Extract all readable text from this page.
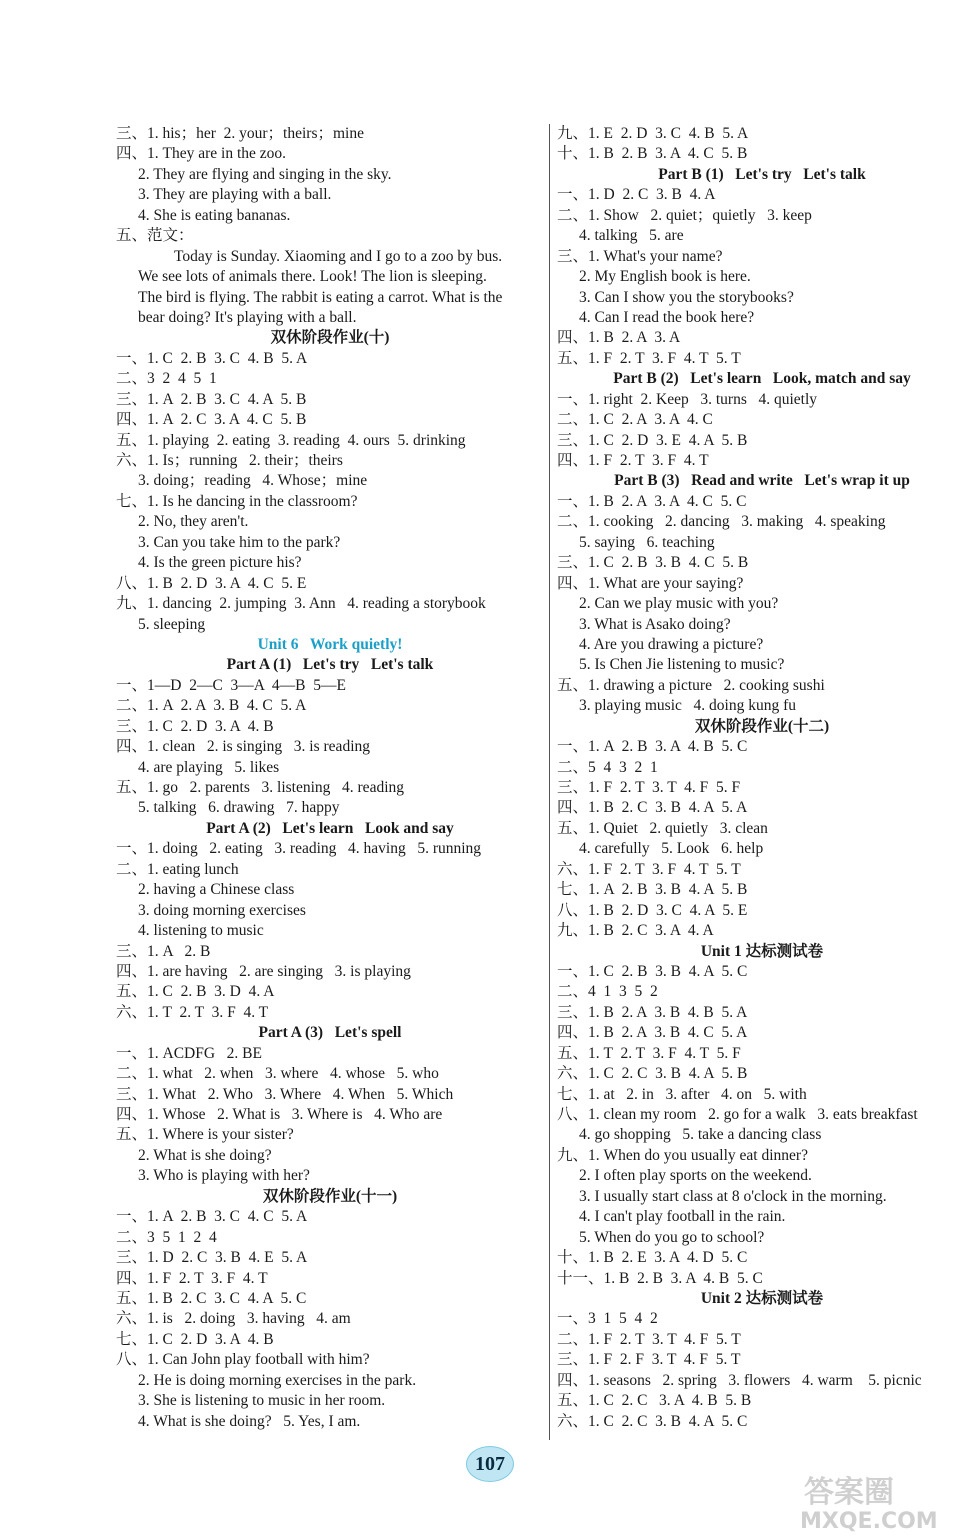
三、1. his；her  2. your；theirs；mine
四、1. They are in the zoo.
2. They are flying and singing in the sky.
3. They are playing with a ball.
4. She is eating bananas.
五、范文：
Today is Sunday. Xiaoming and I go to a zoo by bus.
We see lots of animals there. Look! The lion is sleeping.
The bird is flying. The rabbit is eating a carrot. What is the
bear doing? It's playing with a ball.
双休阶段作业(十)
一、1. C  2. B  3. C  4. B  5. A
二、3  2  4  5  1
三、1. A  2. B  3. C  4. A  5. B
四、1. A  2. C  3. A  4. C  5. B
五、1. playing  2. eating  3. reading  4. ours  5. drinking
六、1. Is；running   2. their；theirs
3. doing；reading   4. Whose；mine
七、1. Is he dancing in the classroom?
2. No, they aren't.
3. Can you take him to the park?
4. Is the green picture his?
八、1. B  2. D  3. A  4. C  5. E
九、1. dancing  2. jumping  3. Ann   4. reading a storybook
5. sleeping
Unit 6   Work quietly!
Part A (1)   Let's try   Let's talk
一、1—D  2—C  3—A  4—B  5—E
二、1. A  2. A  3. B  4. C  5. A
三、1. C  2. D  3. A  4. B
四、1. clean   2. is singing   3. is reading
4. are playing   5. likes
五、1. go   2. parents   3. listening   4. reading
5. talking   6. drawing   7. happy
Part A (2)   Let's learn   Look and say
一、1. doing   2. eating   3. reading   4. having   5. running
二、1. eating lunch
2. having a Chinese class
3. doing morning exercises
4. listening to music
三、1. A   2. B
四、1. are having   2. are singing   3. is playing
五、1. C  2. B  3. D  4. A
六、1. T  2. T  3. F  4. T
Part A (3)   Let's spell
一、1. ACDFG   2. BE
二、1. what   2. when   3. where   4. whose   5. who
三、1. What   2. Who   3. Where   4. When   5. Which
四、1. Whose   2. What is   3. Where is   4. Who are
五、1. Where is your sister?
2. What is she doing?
3. Who is playing with her?
双休阶段作业(十一)
一、1. A  2. B  3. C  4. C  5. A
二、3  5  1  2  4
三、1. D  2. C  3. B  4. E  5. A
四、1. F  2. T  3. F  4. T
五、1. B  2. C  3. C  4. A  5. C
六、1. is   2. doing   3. having   4. am
七、1. C  2. D  3. A  4. B
八、1. Can John play football with him?
2. He is doing morning exercises in the park.
3. She is listening to music in her room.
4. What is she doing?   5. Yes, I am.
九、1. E  2. D  3. C  4. B  5. A
十、1. B  2. B  3. A  4. C  5. B
Part B (1)   Let's try   Let's talk
一、1. D  2. C  3. B  4. A
二、1. Show   2. quiet；quietly   3. keep
4. talking   5. are
三、1. What's your name?
2. My English book is here.
3. Can I show you the storybooks?
4. Can I read the book here?
四、1. B  2. A  3. A
五、1. F  2. T  3. F  4. T  5. T
Part B (2)   Let's learn   Look, match and say
一、1. right  2. Keep   3. turns   4. quietly
二、1. C  2. A  3. A  4. C
三、1. C  2. D  3. E  4. A  5. B
四、1. F  2. T  3. F  4. T
Part B (3)   Read and write   Let's wrap it up
一、1. B  2. A  3. A  4. C  5. C
二、1. cooking   2. dancing   3. making   4. speaking
5. saying   6. teaching
三、1. C  2. B  3. B  4. C  5. B
四、1. What are your saying?
2. Can we play music with you?
3. What is Asako doing?
4. Are you drawing a picture?
5. Is Chen Jie listening to music?
五、1. drawing a picture   2. cooking sushi
3. playing music   4. doing kung fu
双休阶段作业(十二)
一、1. A  2. B  3. A  4. B  5. C
二、5  4  3  2  1
三、1. F  2. T  3. T  4. F  5. F
四、1. B  2. C  3. B  4. A  5. A
五、1. Quiet   2. quietly   3. clean
4. carefully   5. Look   6. help
六、1. F  2. T  3. F  4. T  5. T
七、1. A  2. B  3. B  4. A  5. B
八、1. B  2. D  3. C  4. A  5. E
九、1. B  2. C  3. A  4. A
Unit 1 达标测试卷
一、1. C  2. B  3. B  4. A  5. C
二、4  1  3  5  2
三、1. B  2. A  3. B  4. B  5. A
四、1. B  2. A  3. B  4. C  5. A
五、1. T  2. T  3. F  4. T  5. F
六、1. C  2. C  3. B  4. A  5. B
七、1. at   2. in   3. after   4. on   5. with
八、1. clean my room   2. go for a walk   3. eats breakfast
4. go shopping   5. take a dancing class
九、1. When do you usually eat dinner?
2. I often play sports on the weekend.
3. I usually start class at 8 o'clock in the morning.
4. I can't play football in the rain.
5. When do you go to school?
十、1. B  2. E  3. A  4. D  5. C
十一、1. B  2. B  3. A  4. B  5. C
Unit 2 达标测试卷
一、3  1  5  4  2
二、1. F  2. T  3. T  4. F  5. T
三、1. F  2. F  3. T  4. F  5. T
四、1. seasons   2. spring   3. flowers   4. warm    5. picnic
五、1. C  2. C   3. A  4. B  5. B
六、1. C  2. C  3. B  4. A  5. C
107
答案圈
MXQE.COM
